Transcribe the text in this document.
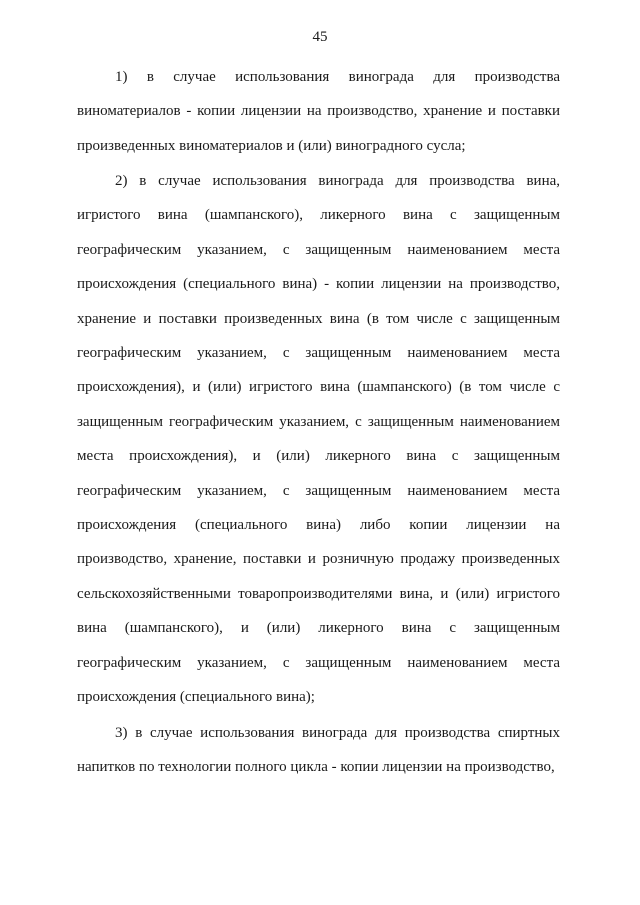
45

1) в случае использования винограда для производства виноматериалов - копии лицензии на производство, хранение и поставки произведенных виноматериалов и (или) виноградного сусла;

2) в случае использования винограда для производства вина, игристого вина (шампанского), ликерного вина с защищенным географическим указанием, с защищенным наименованием места происхождения (специального вина) - копии лицензии на производство, хранение и поставки произведенных вина (в том числе с защищенным географическим указанием, с защищенным наименованием места происхождения), и (или) игристого вина (шампанского) (в том числе с защищенным географическим указанием, с защищенным наименованием места происхождения), и (или) ликерного вина с защищенным географическим указанием, с защищенным наименованием места происхождения (специального вина) либо копии лицензии на производство, хранение, поставки и розничную продажу произведенных сельскохозяйственными товаропроизводителями вина, и (или) игристого вина (шампанского), и (или) ликерного вина с защищенным географическим указанием, с защищенным наименованием места происхождения (специального вина);

3) в случае использования винограда для производства спиртных напитков по технологии полного цикла - копии лицензии на производство,
